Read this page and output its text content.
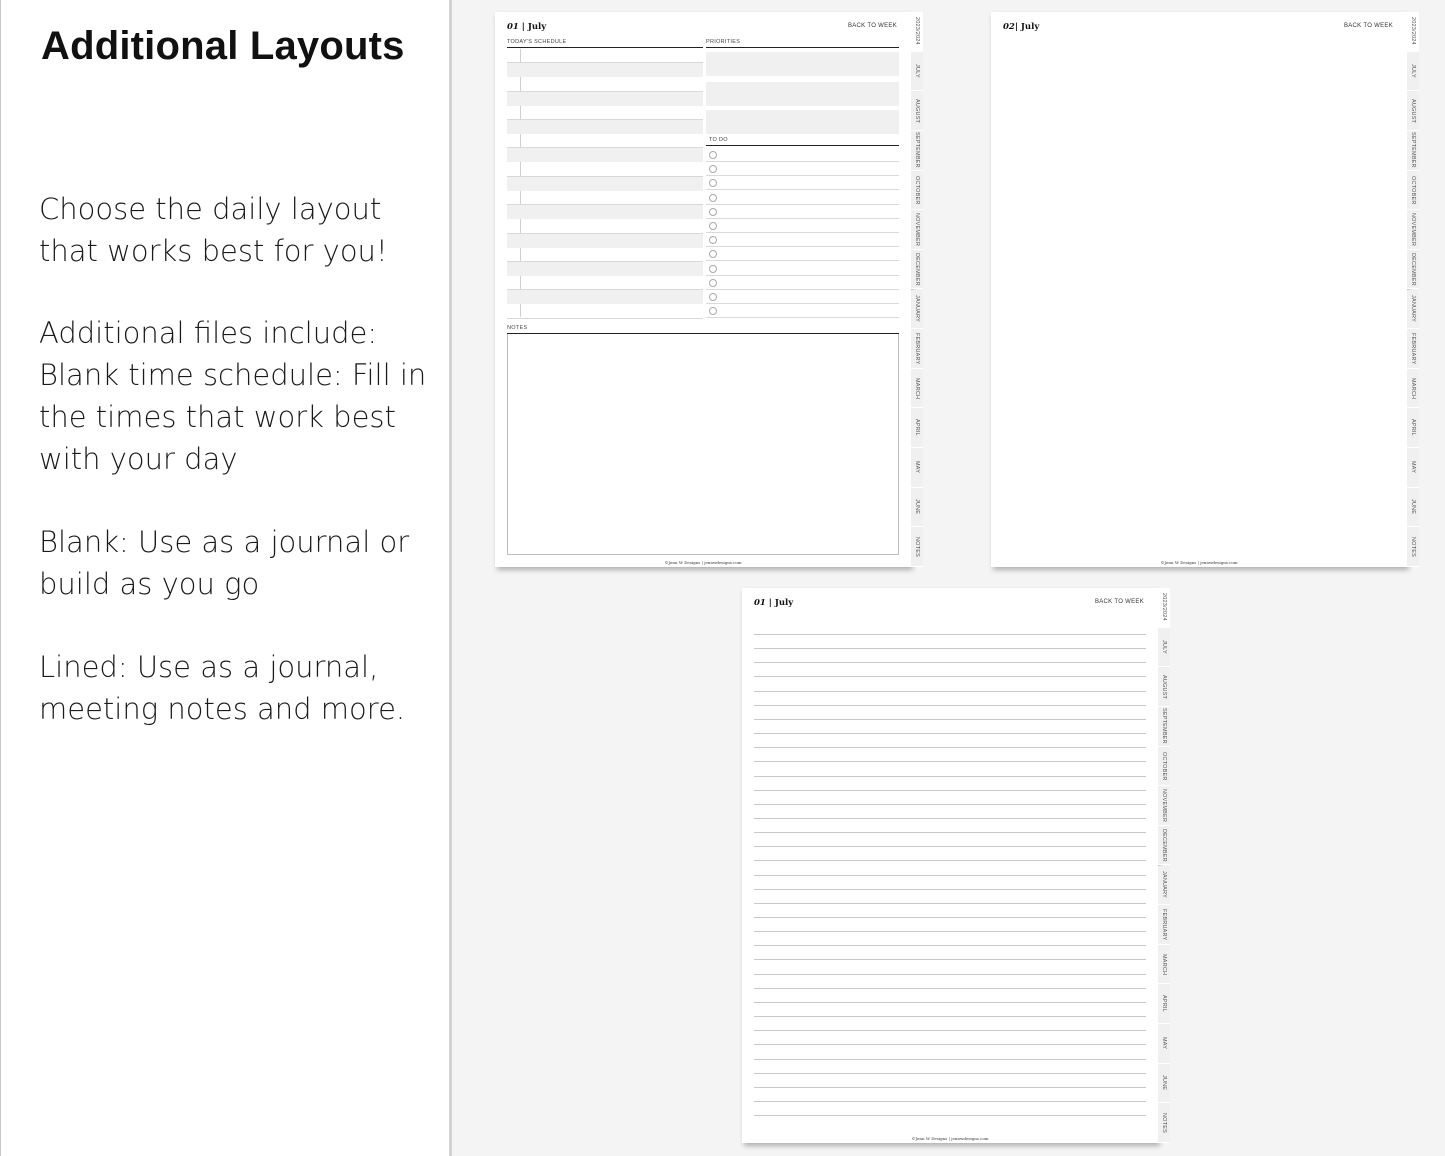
Additional Layouts
Choose the daily layout
that works best for you!
Additional files include:
Blank time schedule: Fill in
the times that work best
with your day
Blank: Use as a journal or
build as you go
Lined: Use as a journal,
meeting notes and more.
01 | July	BACK TO WEEK
TODAY'S SCHEDULE	PRIORITIES
TO DO
NOTES
©Jenn W Designs | jennwdesigns.com
2023/2024
JULY
AUGUST
SEPTEMBER
OCTOBER
NOVEMBER
DECEMBER
JANUARY
FEBRUARY
MARCH
APRIL
MAY
JUNE
NOTES
02| July	BACK TO WEEK
©Jenn W Designs | jennwdesigns.com
2023/2024
JULY
AUGUST
SEPTEMBER
OCTOBER
NOVEMBER
DECEMBER
JANUARY
FEBRUARY
MARCH
APRIL
MAY
JUNE
NOTES
01 | July	BACK TO WEEK
©Jenn W Designs | jennwdesigns.com
2023/2024
JULY
AUGUST
SEPTEMBER
OCTOBER
NOVEMBER
DECEMBER
JANUARY
FEBRUARY
MARCH
APRIL
MAY
JUNE
NOTES
